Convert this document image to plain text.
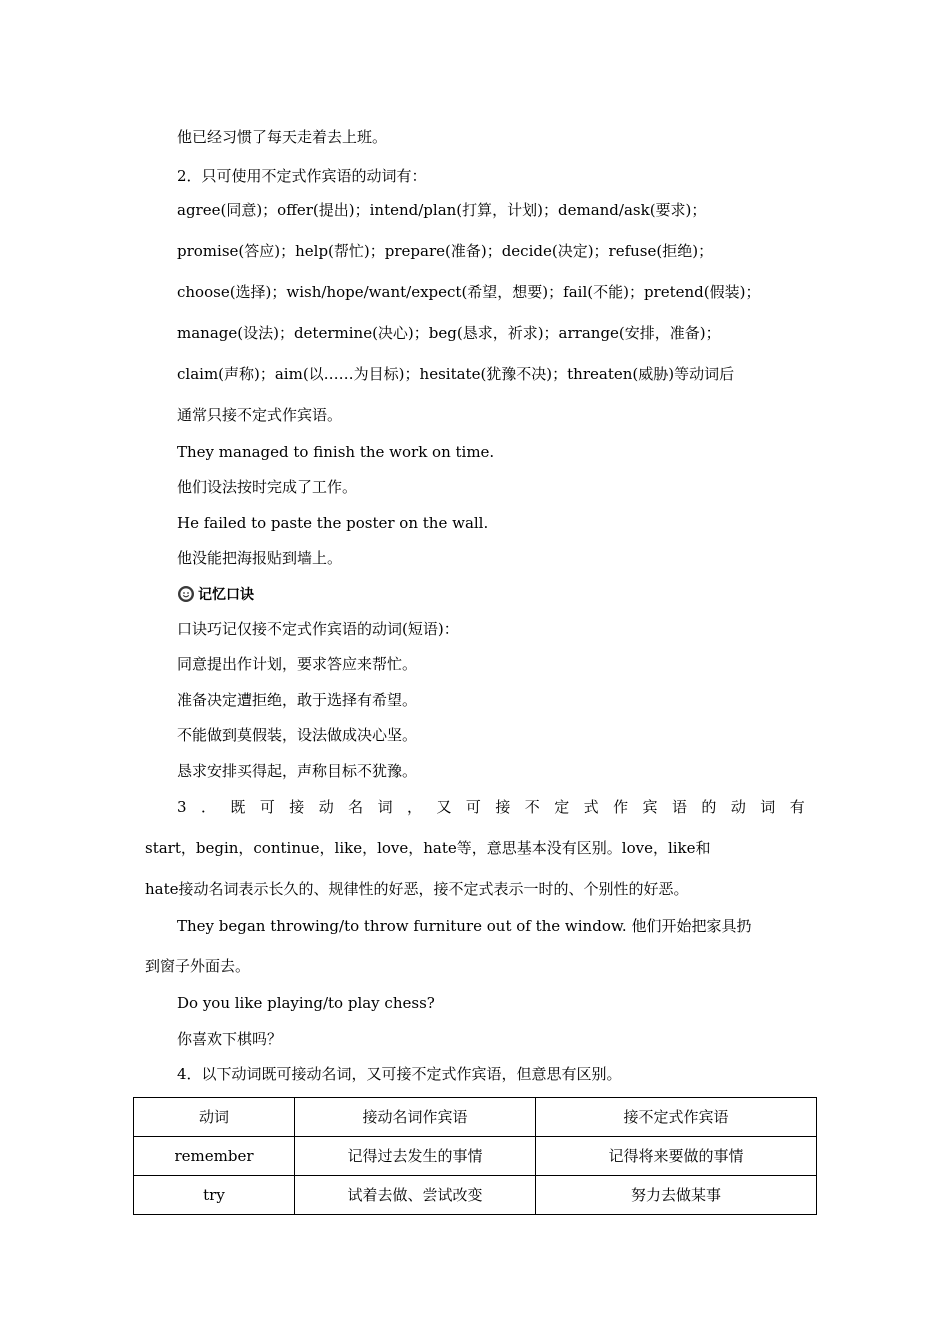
他已经习惯了每天走着去上班。
2．只可使用不定式作宾语的动词有：
agree(同意)；offer(提出)；intend/plan(打算，计划)；demand/ask(要求)；
promise(答应)；help(帮忙)；prepare(准备)；decide(决定)；refuse(拒绝)；
choose(选择)；wish/hope/want/expect(希望，想要)；fail(不能)；pretend(假装)；
manage(设法)；determine(决心)；beg(恳求，祈求)；arrange(安排，准备)；
claim(声称)；aim(以……为目标)；hesitate(犹豫不决)；threaten(威胁)等动词后
通常只接不定式作宾语。
They managed to finish the work on time.
他们设法按时完成了工作。
He failed to paste the poster on the wall.
他没能把海报贴到墙上。
记忆口诀
口诀巧记仅接不定式作宾语的动词(短语)：
同意提出作计划，要求答应来帮忙。
准备决定遭拒绝，敢于选择有希望。
不能做到莫假装，设法做成决心坚。
恳求安排买得起，声称目标不犹豫。
3 ． 既 可 接 动 名 词 ， 又 可 接 不 定 式 作 宾 语 的 动 词 有
start，begin，continue，like，love，hate等，意思基本没有区别。love，like和
hate接动名词表示长久的、规律性的好恶，接不定式表示一时的、个别性的好恶。
They began throwing/to throw furniture out of the window. 他们开始把家具扔
到窗子外面去。
Do you like playing/to play chess?
你喜欢下棋吗？
4．以下动词既可接动名词，又可接不定式作宾语，但意思有区别。
动词	接动名词作宾语	接不定式作宾语
remember	记得过去发生的事情	记得将来要做的事情
try	试着去做、尝试改变	努力去做某事
